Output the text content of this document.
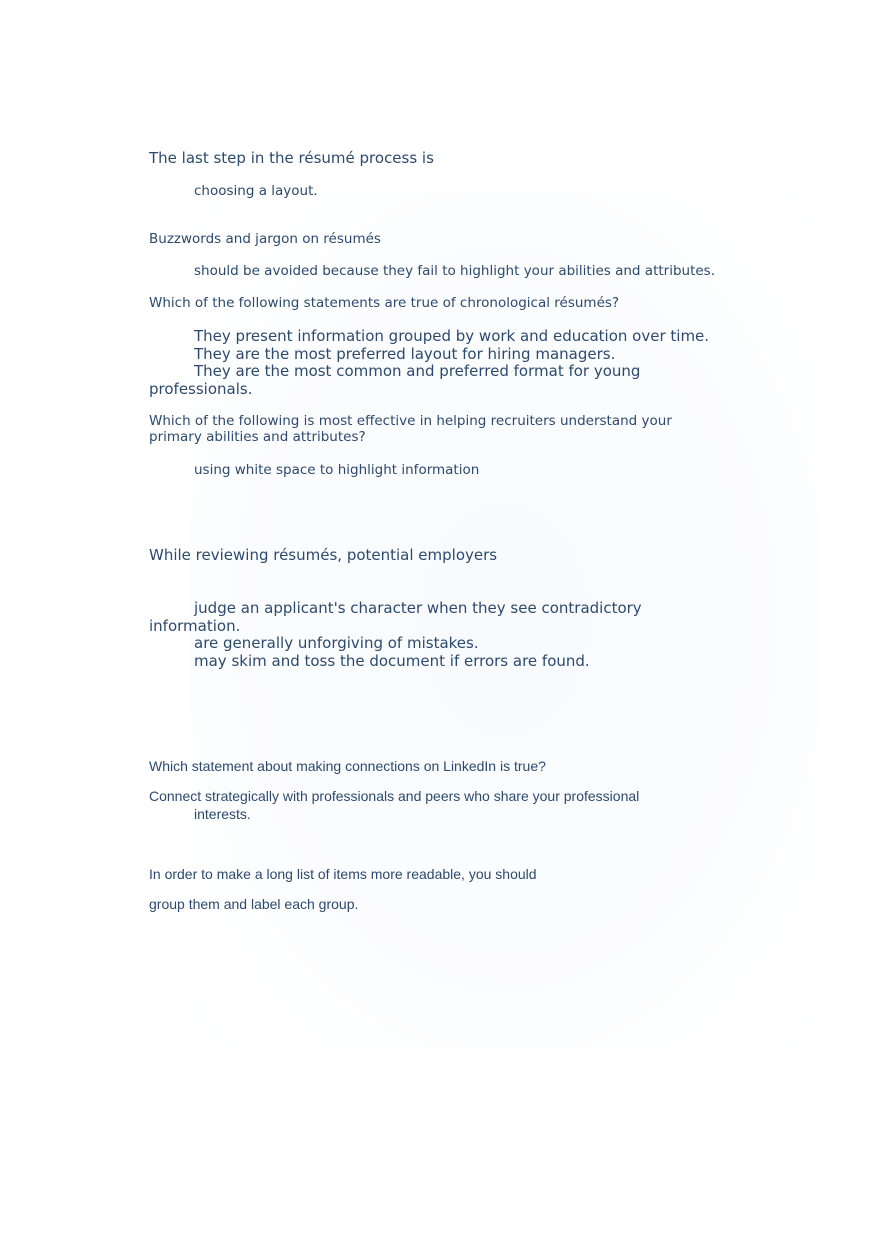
The last step in the résumé process is
choosing a layout.
Buzzwords and jargon on résumés
should be avoided because they fail to highlight your abilities and attributes.
Which of the following statements are true of chronological résumés?
They present information grouped by work and education over time.
They are the most preferred layout for hiring managers.
They are the most common and preferred format for young
professionals.
Which of the following is most effective in helping recruiters understand your
primary abilities and attributes?
using white space to highlight information
While reviewing résumés, potential employers
judge an applicant's character when they see contradictory
information.
are generally unforgiving of mistakes.
may skim and toss the document if errors are found.
Which statement about making connections on LinkedIn is true?
Connect strategically with professionals and peers who share your professional
interests.
In order to make a long list of items more readable, you should
group them and label each group.
